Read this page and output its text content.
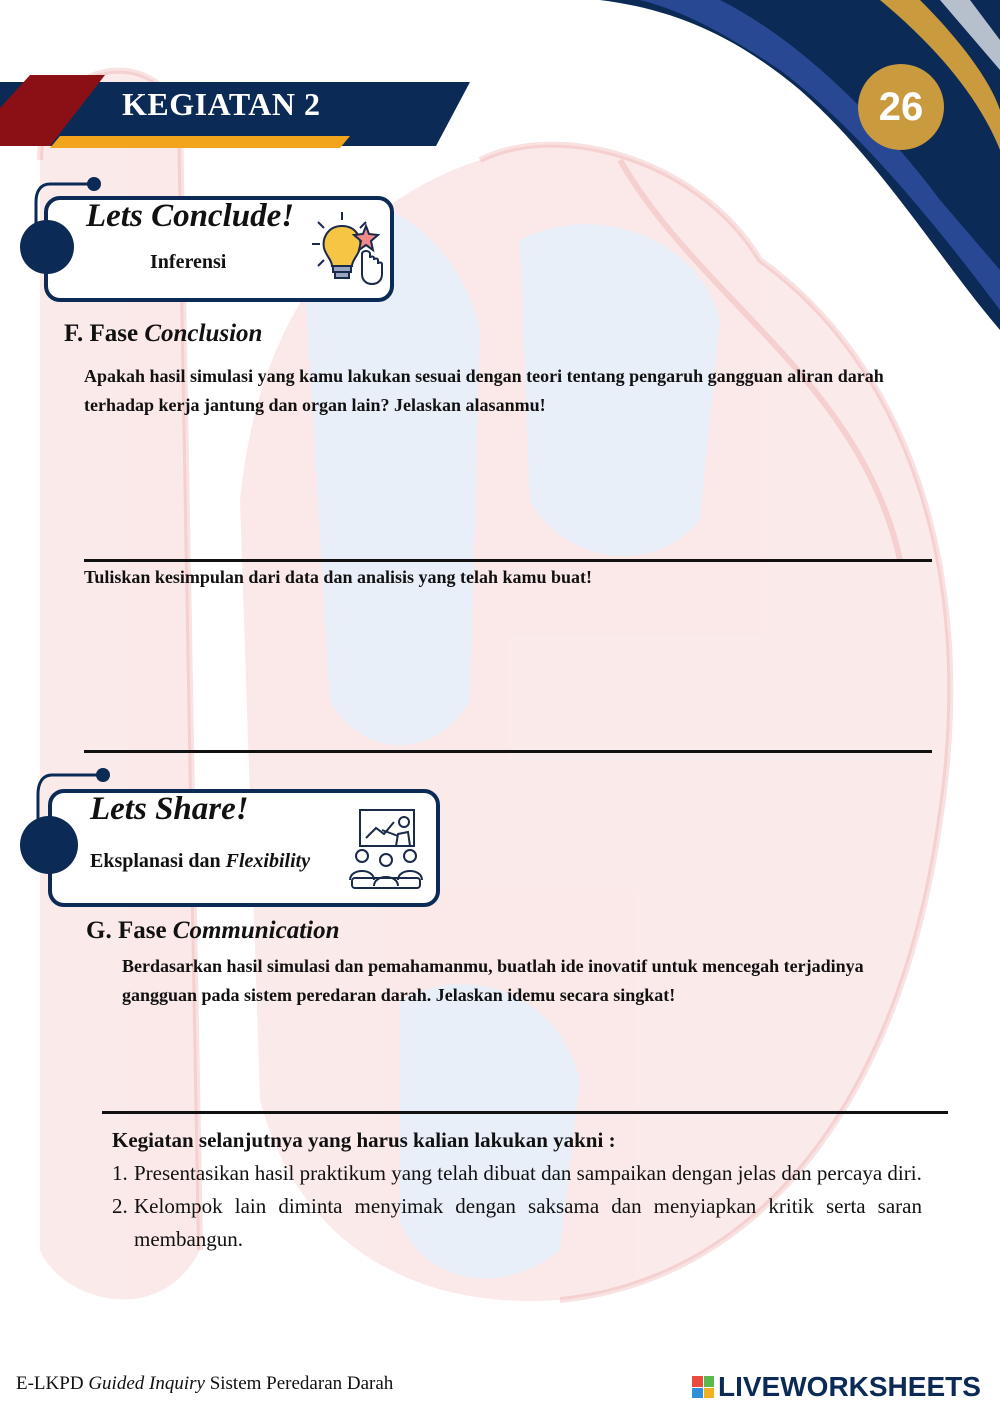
KEGIATAN 2	26
Lets Conclude!
Inferensi
F. Fase Conclusion
Apakah hasil simulasi yang kamu lakukan sesuai dengan teori tentang pengaruh gangguan aliran darah terhadap kerja jantung dan organ lain? Jelaskan alasanmu!
Tuliskan kesimpulan dari data dan analisis yang telah kamu buat!
Lets Share!
Eksplanasi dan Flexibility
G. Fase Communication
Berdasarkan hasil simulasi dan pemahamanmu, buatlah ide inovatif untuk mencegah terjadinya gangguan pada sistem peredaran darah. Jelaskan idemu secara singkat!
Kegiatan selanjutnya yang harus kalian lakukan yakni :
1. Presentasikan hasil praktikum yang telah dibuat dan sampaikan dengan jelas dan percaya diri.
2. Kelompok lain diminta menyimak dengan saksama dan menyiapkan kritik serta saran membangun.
E-LKPD Guided Inquiry Sistem Peredaran Darah	LIVEWORKSHEETS
